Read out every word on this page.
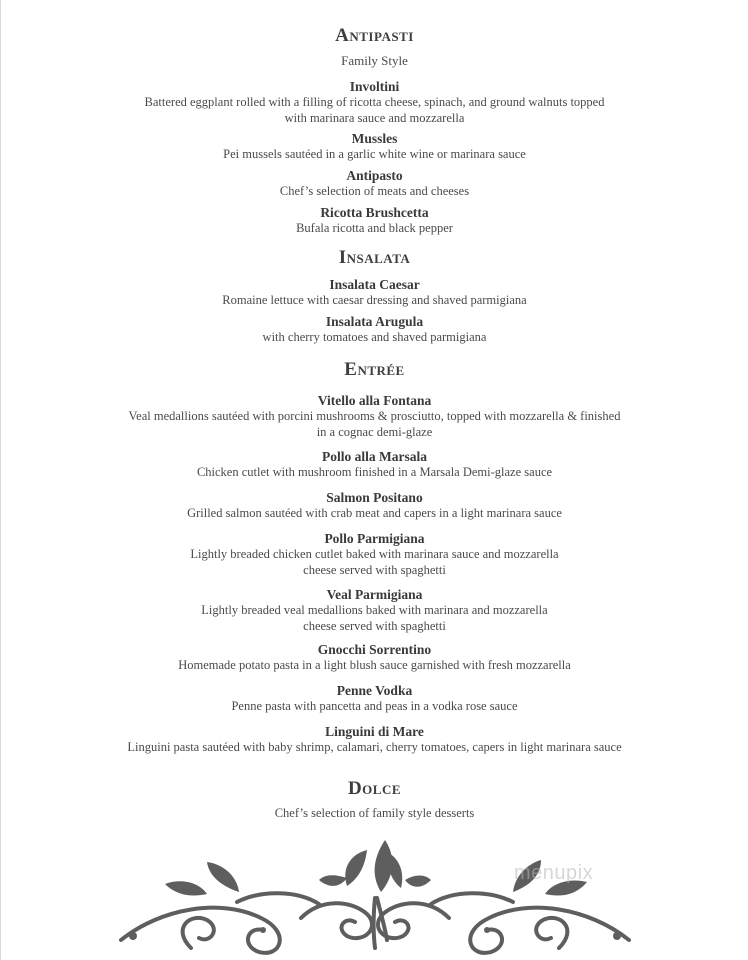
Antipasti
Family Style
Involtini
Battered eggplant rolled with a filling of ricotta cheese, spinach, and ground walnuts topped
with marinara sauce and mozzarella
Mussles
Pei mussels sautéed in a garlic white wine or marinara sauce
Antipasto
Chef’s selection of meats and cheeses
Ricotta Brushcetta
Bufala ricotta and black pepper
Insalata
Insalata Caesar
Romaine lettuce with caesar dressing and shaved parmigiana
Insalata Arugula
with cherry tomatoes and shaved parmigiana
Entrée
Vitello alla Fontana
Veal medallions sautéed with porcini mushrooms & prosciutto, topped with mozzarella & finished
in a cognac demi-glaze
Pollo alla Marsala
Chicken cutlet with mushroom finished in a Marsala Demi-glaze sauce
Salmon Positano
Grilled salmon sautéed with crab meat and capers in a light marinara sauce
Pollo Parmigiana
Lightly breaded chicken cutlet baked with marinara sauce and mozzarella
cheese served with spaghetti
Veal Parmigiana
Lightly breaded veal medallions baked with marinara and mozzarella
cheese served with spaghetti
Gnocchi Sorrentino
Homemade potato pasta in a light blush sauce garnished with fresh mozzarella
Penne Vodka
Penne pasta with pancetta and peas in a vodka rose sauce
Linguini di Mare
Linguini pasta sautéed with baby shrimp, calamari, cherry tomatoes, capers in light marinara sauce
Dolce
Chef’s selection of family style desserts
menupix
